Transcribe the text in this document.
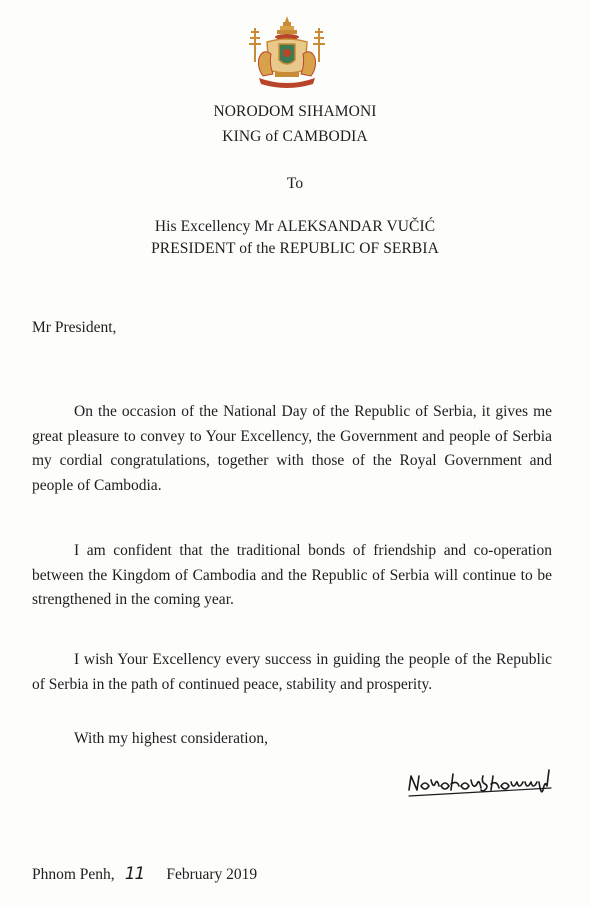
NORODOM SIHAMONI
KING of CAMBODIA
To
His Excellency Mr ALEKSANDAR VUČIĆ
PRESIDENT of the REPUBLIC OF SERBIA
Mr President,

On the occasion of the National Day of the Republic of Serbia, it gives me great pleasure to convey to Your Excellency, the Government and people of Serbia my cordial congratulations, together with those of the Royal Government and people of Cambodia.

I am confident that the traditional bonds of friendship and co-operation between the Kingdom of Cambodia and the Republic of Serbia will continue to be strengthened in the coming year.

I wish Your Excellency every success in guiding the people of the Republic of Serbia in the path of continued peace, stability and prosperity.

With my highest consideration,
Phnom Penh, 11 February 2019
